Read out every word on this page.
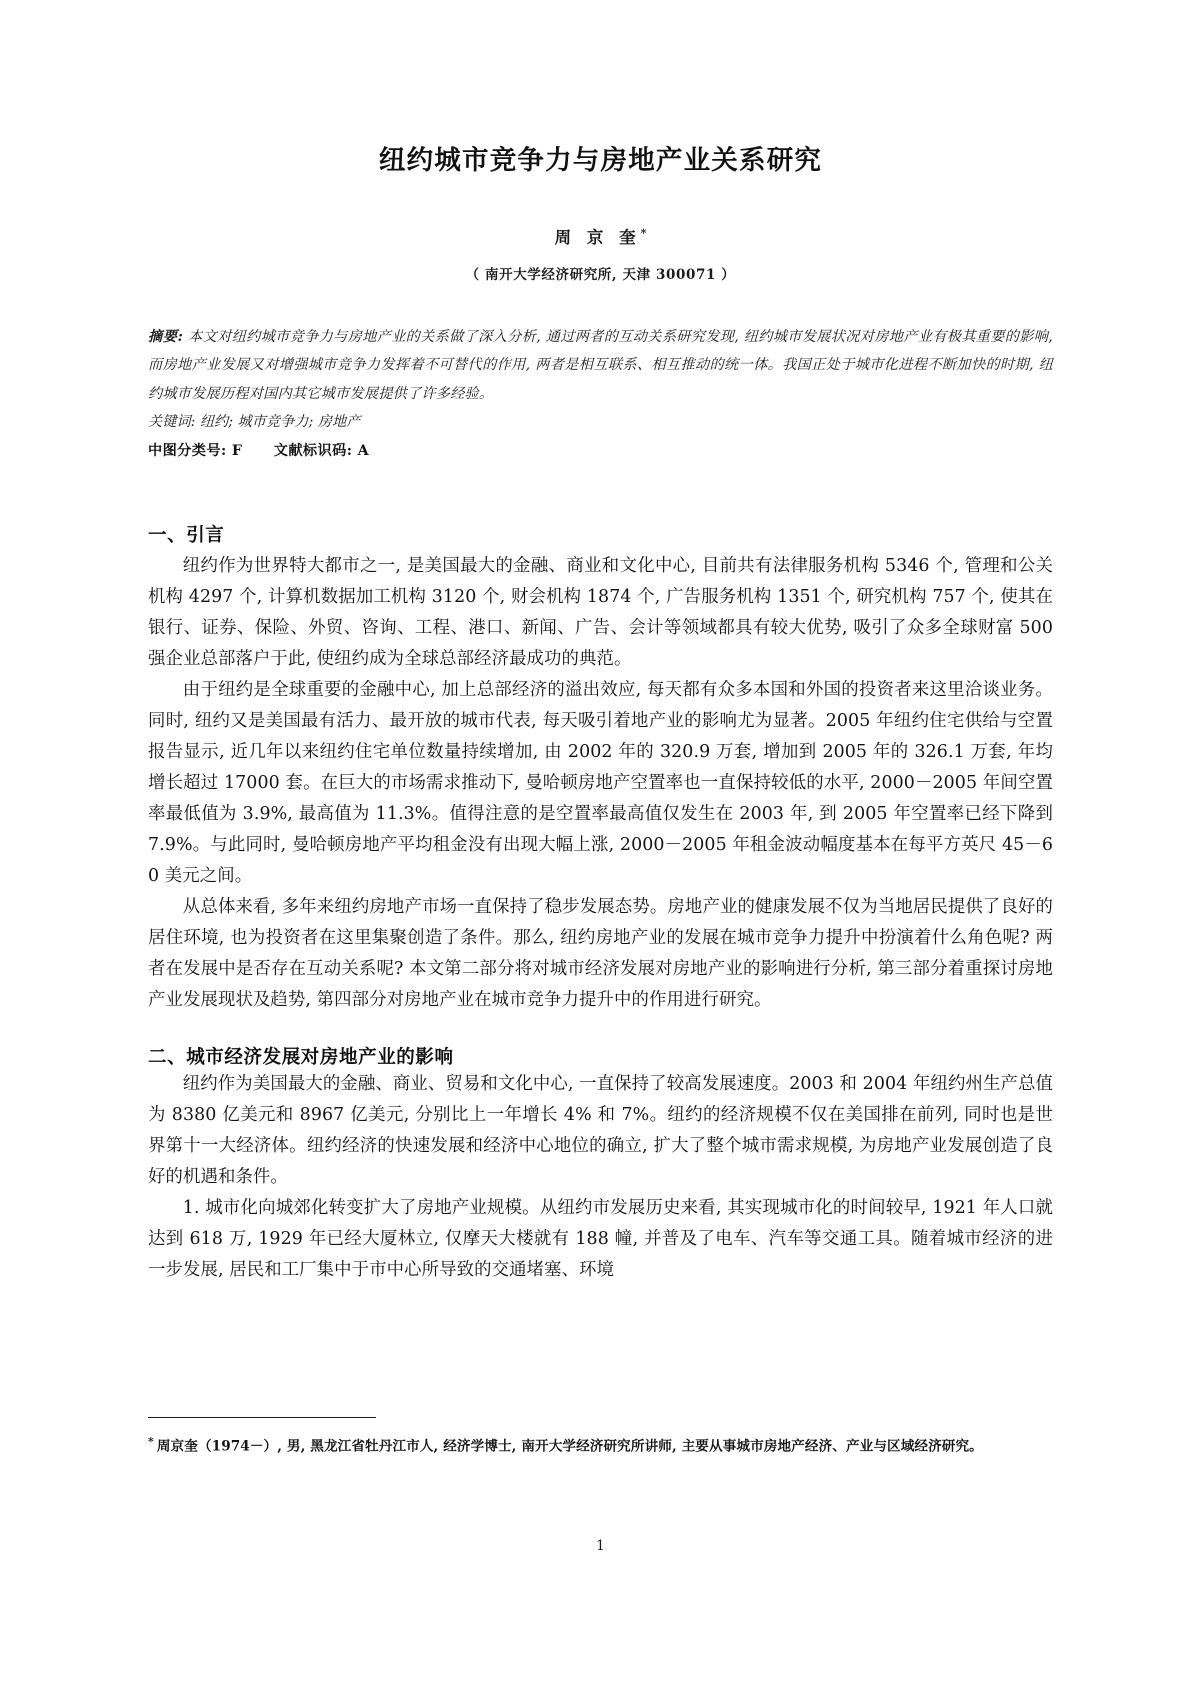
纽约城市竞争力与房地产业关系研究
周 京 奎*
（ 南开大学经济研究所, 天津 300071 ）
摘要: 本文对纽约城市竞争力与房地产业的关系做了深入分析, 通过两者的互动关系研究发现, 纽约城市发展状况对房地产业有极其重要的影响, 而房地产业发展又对增强城市竞争力发挥着不可替代的作用, 两者是相互联系、相互推动的统一体。我国正处于城市化进程不断加快的时期, 纽约城市发展历程对国内其它城市发展提供了许多经验。
关键词: 纽约; 城市竞争力; 房地产
中图分类号: F 文献标识码: A
一、引言

纽约作为世界特大都市之一, 是美国最大的金融、商业和文化中心, 目前共有法律服务机构 5346 个, 管理和公关机构 4297 个, 计算机数据加工机构 3120 个, 财会机构 1874 个, 广告服务机构 1351 个, 研究机构 757 个, 使其在银行、证券、保险、外贸、咨询、工程、港口、新闻、广告、会计等领域都具有较大优势, 吸引了众多全球财富 500 强企业总部落户于此, 使纽约成为全球总部经济最成功的典范。

由于纽约是全球重要的金融中心, 加上总部经济的溢出效应, 每天都有众多本国和外国的投资者来这里洽谈业务。同时, 纽约又是美国最有活力、最开放的城市代表, 每天吸引着地产业的影响尤为显著。2005 年纽约住宅供给与空置报告显示, 近几年以来纽约住宅单位数量持续增加, 由 2002 年的 320.9 万套, 增加到 2005 年的 326.1 万套, 年均增长超过 17000 套。在巨大的市场需求推动下, 曼哈顿房地产空置率也一直保持较低的水平, 2000－2005 年间空置率最低值为 3.9%, 最高值为 11.3%。值得注意的是空置率最高值仅发生在 2003 年, 到 2005 年空置率已经下降到 7.9%。与此同时, 曼哈顿房地产平均租金没有出现大幅上涨, 2000－2005 年租金波动幅度基本在每平方英尺 45－60 美元之间。

从总体来看, 多年来纽约房地产市场一直保持了稳步发展态势。房地产业的健康发展不仅为当地居民提供了良好的居住环境, 也为投资者在这里集聚创造了条件。那么, 纽约房地产业的发展在城市竞争力提升中扮演着什么角色呢? 两者在发展中是否存在互动关系呢? 本文第二部分将对城市经济发展对房地产业的影响进行分析, 第三部分着重探讨房地产业发展现状及趋势, 第四部分对房地产业在城市竞争力提升中的作用进行研究。

二、城市经济发展对房地产业的影响

纽约作为美国最大的金融、商业、贸易和文化中心, 一直保持了较高发展速度。2003 和 2004 年纽约州生产总值为 8380 亿美元和 8967 亿美元, 分别比上一年增长 4% 和 7%。纽约的经济规模不仅在美国排在前列, 同时也是世界第十一大经济体。纽约经济的快速发展和经济中心地位的确立, 扩大了整个城市需求规模, 为房地产业发展创造了良好的机遇和条件。

1. 城市化向城郊化转变扩大了房地产业规模。从纽约市发展历史来看, 其实现城市化的时间较早, 1921 年人口就达到 618 万, 1929 年已经大厦林立, 仅摩天大楼就有 188 幢, 并普及了电车、汽车等交通工具。随着城市经济的进一步发展, 居民和工厂集中于市中心所导致的交通堵塞、环境

* 周京奎（1974－）, 男, 黑龙江省牡丹江市人, 经济学博士, 南开大学经济研究所讲师, 主要从事城市房地产经济、产业与区域经济研究。
1
